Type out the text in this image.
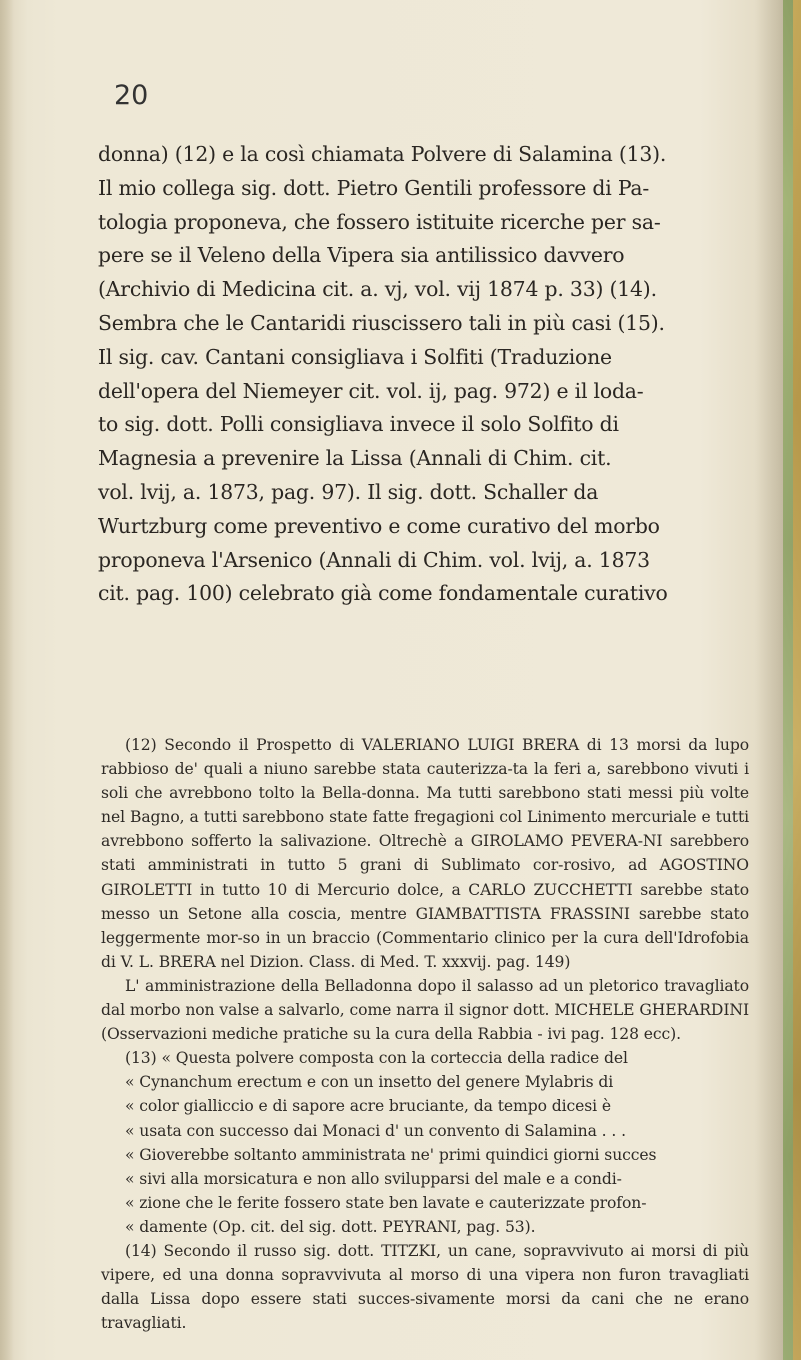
20

donna) (12) e la così chiamata Polvere di Salamina (13).

Il mio collega sig. dott. Pietro Gentili professore di Pa-

tologia proponeva, che fossero istituite ricerche per sa-

pere se il Veleno della Vipera sia antilissico davvero

(Archivio di Medicina cit. a. vj, vol. vij 1874 p. 33) (14).

Sembra che le Cantaridi riuscissero tali in più casi (15).

Il sig. cav. Cantani consigliava i Solfiti (Traduzione

dell'opera del Niemeyer cit. vol. ij, pag. 972) e il loda-

to sig. dott. Polli consigliava invece il solo Solfito di

Magnesia a prevenire la Lissa (Annali di Chim. cit.

vol. lvij, a. 1873, pag. 97). Il sig. dott. Schaller da

Wurtzburg come preventivo e come curativo del morbo

proponeva l'Arsenico (Annali di Chim. vol. lvij, a. 1873

cit. pag. 100) celebrato già come fondamentale curativo

(12) Secondo il Prospetto di VALERIANO LUIGI BRERA di 13 morsi da lupo rabbioso de' quali a niuno sarebbe stata cauterizza-ta la feri a, sarebbono vivuti i soli che avrebbono tolto la Bella-donna. Ma tutti sarebbono stati messi più volte nel Bagno, a tutti sarebbono state fatte fregagioni col Linimento mercuriale e tutti avrebbono sofferto la salivazione. Oltrechè a GIROLAMO PEVERA-NI sarebbero stati amministrati in tutto 5 grani di Sublimato cor-rosivo, ad AGOSTINO GIROLETTI in tutto 10 di Mercurio dolce, a CARLO ZUCCHETTI sarebbe stato messo un Setone alla coscia, mentre GIAMBATTISTA FRASSINI sarebbe stato leggermente mor-so in un braccio (Commentario clinico per la cura dell'Idrofobia di V. L. BRERA nel Dizion. Class. di Med. T. xxxvij. pag. 149)

L' amministrazione della Belladonna dopo il salasso ad un pletorico travagliato dal morbo non valse a salvarlo, come narra il signor dott. MICHELE GHERARDINI (Osservazioni mediche pratiche su la cura della Rabbia - ivi pag. 128 ecc).

(13) « Questa polvere composta con la corteccia della radice del

« Cynanchum erectum e con un insetto del genere Mylabris di

« color gialliccio e di sapore acre bruciante, da tempo dicesi è

« usata con successo dai Monaci d' un convento di Salamina . . .

« Gioverebbe soltanto amministrata ne' primi quindici giorni succes

« sivi alla morsicatura e non allo svilupparsi del male e a condi-

« zione che le ferite fossero state ben lavate e cauterizzate profon-

« damente (Op. cit. del sig. dott. PEYRANI, pag. 53).

(14) Secondo il russo sig. dott. TITZKI, un cane, sopravvivuto ai morsi di più vipere, ed una donna sopravvivuta al morso di una vipera non furon travagliati dalla Lissa dopo essere stati succes-sivamente morsi da cani che ne erano travagliati.
